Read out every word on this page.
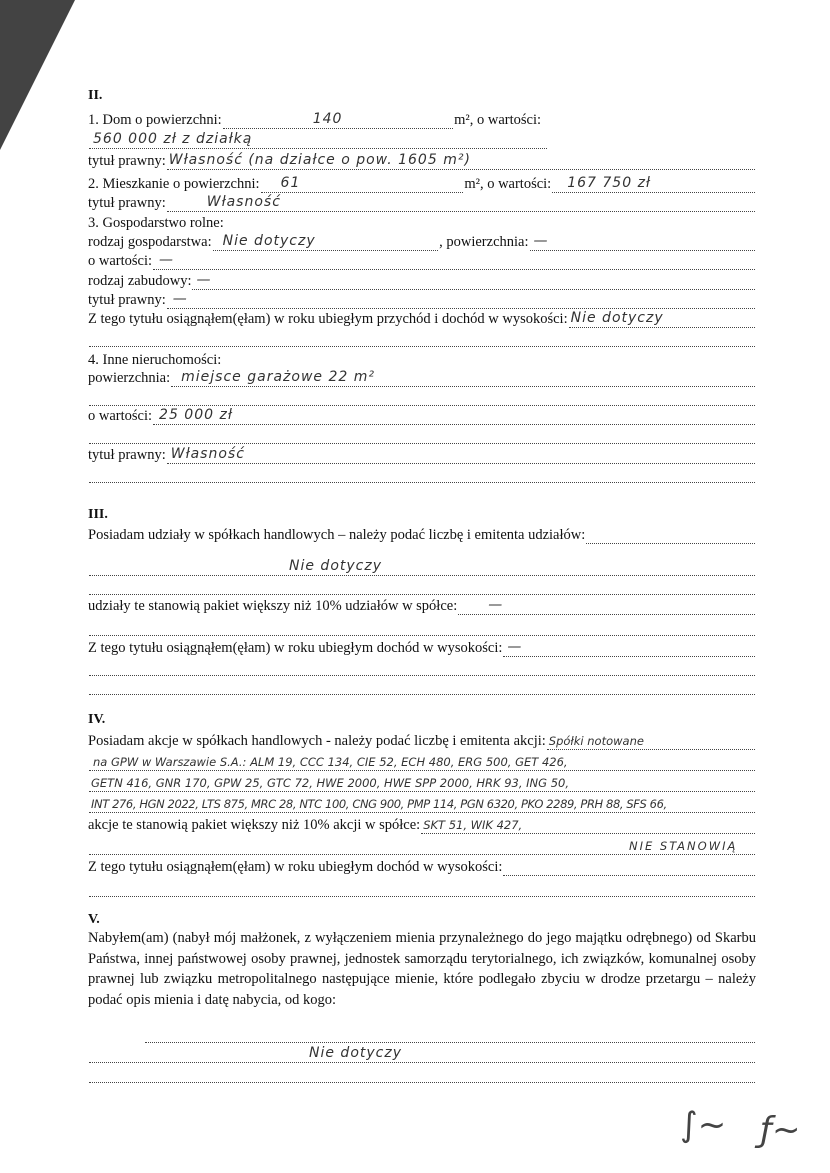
II.
1. Dom o powierzchni:	140	m², o wartości:
560 000 zł z działką
tytuł prawny: Własność (na działce o pow. 1605 m²)
2. Mieszkanie o powierzchni: 61	m², o wartości: 167 750 zł
tytuł prawny:	Własność
3. Gospodarstwo rolne:
rodzaj gospodarstwa: Nie dotyczy	, powierzchnia: —
o wartości: —
rodzaj zabudowy: —
tytuł prawny: —
Z tego tytułu osiągnąłem(ęłam) w roku ubiegłym przychód i dochód w wysokości: Nie dotyczy
4. Inne nieruchomości:
powierzchnia: miejsce garażowe 22 m²
o wartości: 25 000 zł
tytuł prawny: Własność
III.
Posiadam udziały w spółkach handlowych – należy podać liczbę i emitenta udziałów:
Nie dotyczy
udziały te stanowią pakiet większy niż 10% udziałów w spółce: —
Z tego tytułu osiągnąłem(ęłam) w roku ubiegłym dochód w wysokości: —
IV.
Posiadam akcje w spółkach handlowych - należy podać liczbę i emitenta akcji: Spółki notowane
na GPW w Warszawie S.A.: ALM 19, CCC 134, CIE 52, ECH 480, ERG 500, GET 426,
GETN 416, GNR 170, GPW 25, GTC 72, HWE 2000, HWE SPP 2000, HRK 93, ING 50,
INT 276, HGN 2022, LTS 875, MRC 28, NTC 100, CNG 900, PMP 114, PGN 6320, PKO 2289, PRH 88, SFS 66,
akcje te stanowią pakiet większy niż 10% akcji w spółce: SKT 51, WIK 427,
NIE STANOWIĄ
Z tego tytułu osiągnąłem(ęłam) w roku ubiegłym dochód w wysokości:
V.
Nabyłem(am) (nabył mój małżonek, z wyłączeniem mienia przynależnego do jego majątku odrębnego) od Skarbu Państwa, innej państwowej osoby prawnej, jednostek samorządu terytorialnego, ich związków, komunalnej osoby prawnej lub związku metropolitalnego następujące mienie, które podlegało zbyciu w drodze przetargu – należy podać opis mienia i datę nabycia, od kogo:
Nie dotyczy
∫~ ƒ~
